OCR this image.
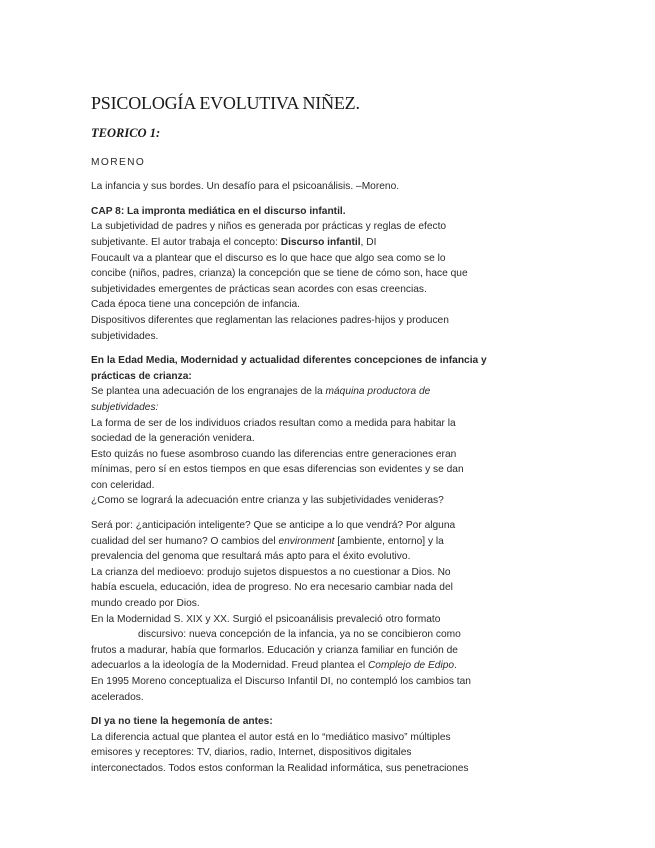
PSICOLOGÍA EVOLUTIVA NIÑEZ.

TEORICO 1:

MORENO

La infancia y sus bordes. Un desafío para el psicoanálisis. –Moreno.

CAP 8: La impronta mediática en el discurso infantil.
La subjetividad de padres y niños es generada por prácticas y reglas de efecto
subjetivante. El autor trabaja el concepto: Discurso infantil, DI
Foucault va a plantear que el discurso es lo que hace que algo sea como se lo
concibe (niños, padres, crianza) la concepción que se tiene de cómo son, hace que
subjetividades emergentes de prácticas sean acordes con esas creencias.
Cada época tiene una concepción de infancia.
Dispositivos diferentes que reglamentan las relaciones padres-hijos y producen
subjetividades.
En la Edad Media, Modernidad y actualidad diferentes concepciones de infancia y
prácticas de crianza:
Se plantea una adecuación de los engranajes de la máquina productora de
subjetividades:
La forma de ser de los individuos criados resultan como a medida para habitar la
sociedad de la generación venidera.
Esto quizás no fuese asombroso cuando las diferencias entre generaciones eran
mínimas, pero sí en estos tiempos en que esas diferencias son evidentes y se dan
con celeridad.
¿Como se logrará la adecuación entre crianza y las subjetividades venideras?
Será por: ¿anticipación inteligente? Que se anticipe a lo que vendrá? Por alguna
cualidad del ser humano? O cambios del environment [ambiente, entorno] y la
prevalencia del genoma que resultará más apto para el éxito evolutivo.
La crianza del medioevo: produjo sujetos dispuestos a no cuestionar a Dios. No
había escuela, educación, idea de progreso. No era necesario cambiar nada del
mundo creado por Dios.
En la Modernidad S. XIX y XX. Surgió el psicoanálisis prevaleció otro formato
discursivo: nueva concepción de la infancia, ya no se concibieron como
frutos a madurar, había que formarlos. Educación y crianza familiar en función de
adecuarlos a la ideología de la Modernidad. Freud plantea el Complejo de Edipo.
En 1995 Moreno conceptualiza el Discurso Infantil DI, no contempló los cambios tan
acelerados.
DI ya no tiene la hegemonía de antes:
La diferencia actual que plantea el autor está en lo “mediático masivo” múltiples
emisores y receptores: TV, diarios, radio, Internet, dispositivos digitales
interconectados. Todos estos conforman la Realidad informática, sus penetraciones
